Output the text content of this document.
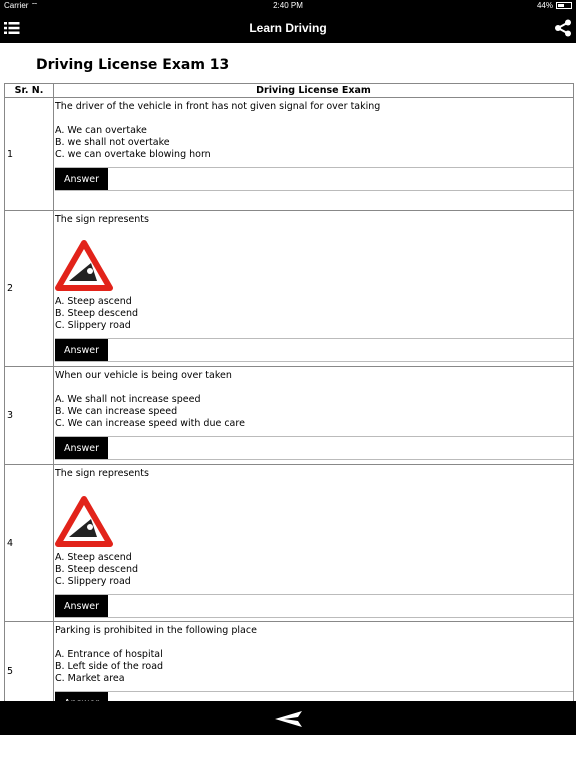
Carrier ⌔	2:40 PM	44%
Learn Driving
Driving License Exam 13
Sr. N.	Driving License Exam
1	The driver of the vehicle in front has not given signal for over taking
A. We can overtake
B. we shall not overtake
C. we can overtake blowing horn
Answer

2	The sign represents
A. Steep ascend
B. Steep descend
C. Slippery road
Answer

3	When our vehicle is being over taken
A. We shall not increase speed
B. We can increase speed
C. We can increase speed with due care
Answer

4	The sign represents
A. Steep ascend
B. Steep descend
C. Slippery road
Answer

5	Parking is prohibited in the following place
A. Entrance of hospital
B. Left side of the road
C. Market area
